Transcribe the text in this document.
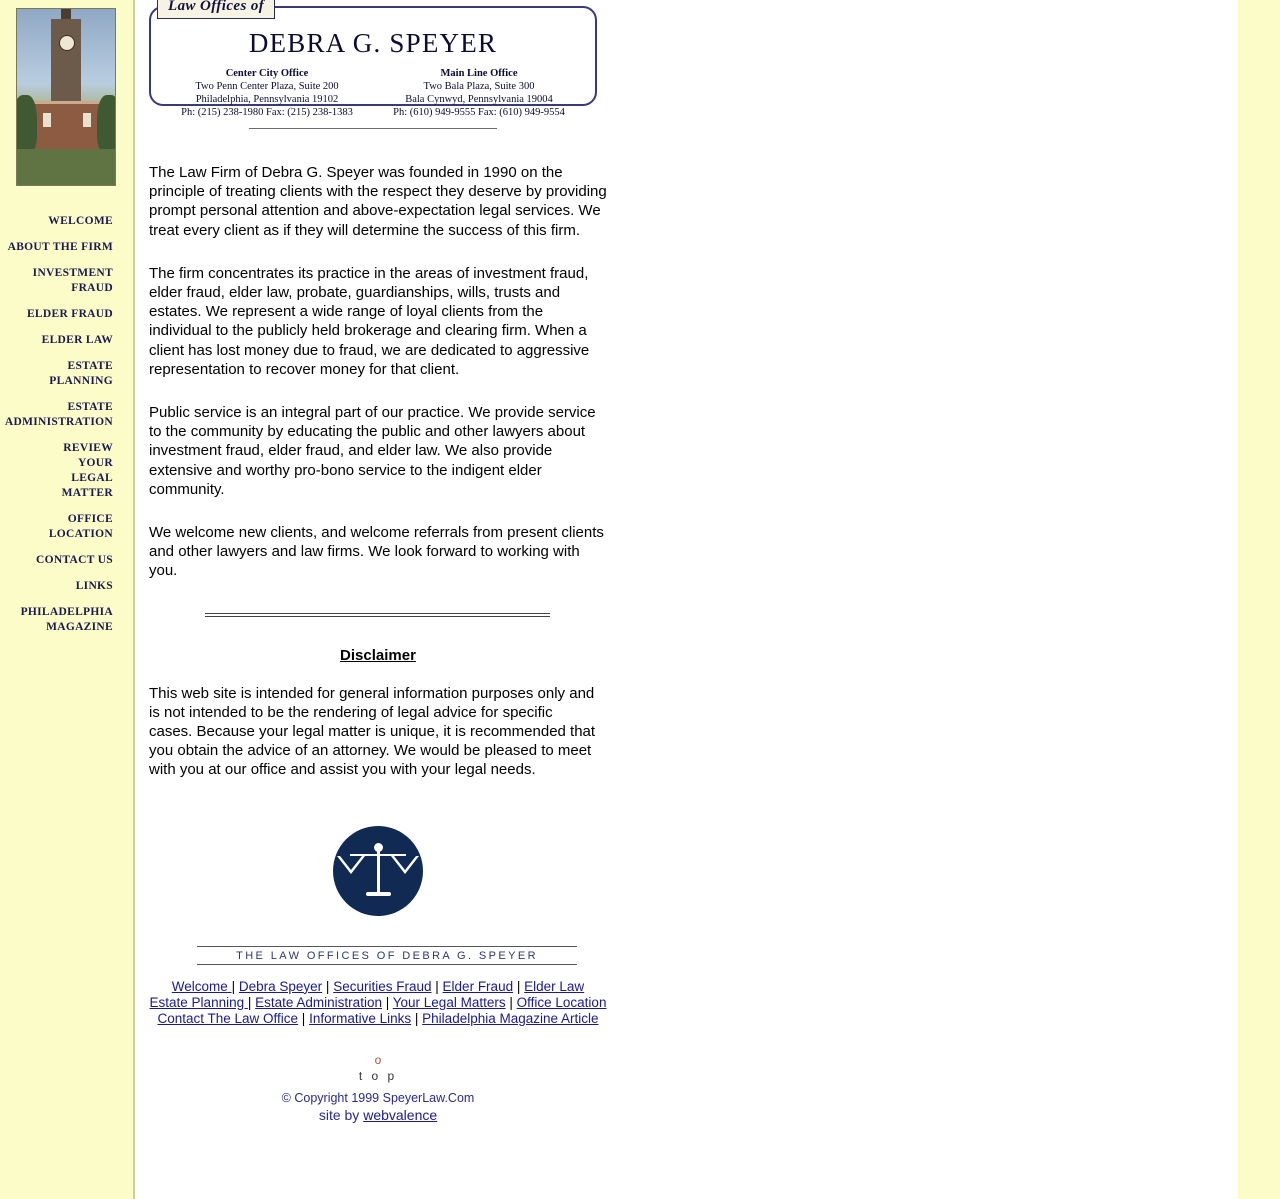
WELCOME
ABOUT THE FIRM
INVESTMENT
FRAUD
ELDER FRAUD
ELDER LAW
ESTATE
PLANNING
ESTATE
ADMINISTRATION
REVIEW
YOUR
LEGAL
MATTER
OFFICE
LOCATION
CONTACT US
LINKS
PHILADELPHIA
MAGAZINE
Law Offices of
DEBRA G. SPEYER
Center City Office
Two Penn Center Plaza, Suite 200
Philadelphia, Pennsylvania 19102
Ph: (215) 238-1980 Fax: (215) 238-1383
Main Line Office
Two Bala Plaza, Suite 300
Bala Cynwyd, Pennsylvania 19004
Ph: (610) 949-9555 Fax: (610) 949-9554

The Law Firm of Debra G. Speyer was founded in 1990 on the principle of treating clients with the respect they deserve by providing prompt personal attention and above-expectation legal services. We treat every client as if they will determine the success of this firm.

The firm concentrates its practice in the areas of investment fraud, elder fraud, elder law, probate, guardianships, wills, trusts and estates. We represent a wide range of loyal clients from the individual to the publicly held brokerage and clearing firm. When a client has lost money due to fraud, we are dedicated to aggressive representation to recover money for that client.

Public service is an integral part of our practice. We provide service to the community by educating the public and other lawyers about investment fraud, elder fraud, and elder law. We also provide extensive and worthy pro-bono service to the indigent elder community.

We welcome new clients, and welcome referrals from present clients and other lawyers and law firms. We look forward to working with you.

Disclaimer

This web site is intended for general information purposes only and is not intended to be the rendering of legal advice for specific cases. Because your legal matter is unique, it is recommended that you obtain the advice of an attorney. We would be pleased to meet with you at our office and assist you with your legal needs.

THE LAW OFFICES OF DEBRA G. SPEYER
Welcome | Debra Speyer | Securities Fraud | Elder Fraud | Elder Law
Estate Planning | Estate Administration | Your Legal Matters | Office Location
Contact The Law Office | Informative Links | Philadelphia Magazine Article
o
t o p
© Copyright 1999 SpeyerLaw.Com
site by webvalence
